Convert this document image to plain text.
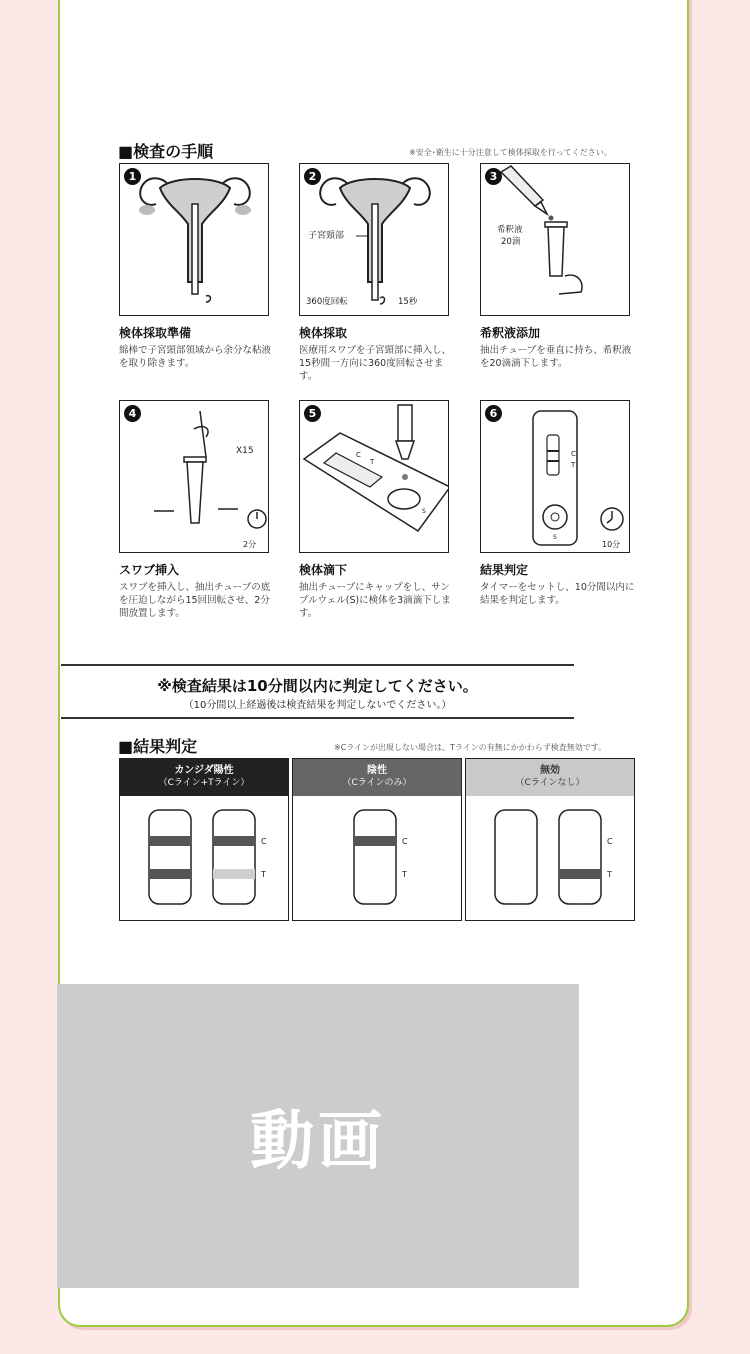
■検査の手順	※安全･衛生に十分注意して検体採取を行ってください。
1
検体採取準備
綿棒で子宮頸部領域から余分な粘液を取り除きます。
2
子宮頸部
360度回転	15秒
検体採取
医療用スワブを子宮頸部に挿入し、15秒間一方向に360度回転させます。
3
希釈液
20滴
希釈液添加
抽出チューブを垂直に持ち、希釈液を20滴滴下します。
4
X15
2分
スワブ挿入
スワブを挿入し、抽出チューブの底を圧迫しながら15回回転させ、2分間放置します。
5
C
T
S
検体滴下
抽出チューブにキャップをし、サンプルウェル(S)に検体を3滴滴下します。
6
C
T
S
10分
結果判定
タイマーをセットし、10分間以内に結果を判定します。
※検査結果は10分間以内に判定してください。
（10分間以上経過後は検査結果を判定しないでください。）
■結果判定	※Cラインが出現しない場合は、Tラインの有無にかかわらず検査無効です。
カンジダ陽性
（Cライン+Tライン）
C
T
陰性
（Cラインのみ）
C
T
無効
（Cラインなし）
C
T
動画
